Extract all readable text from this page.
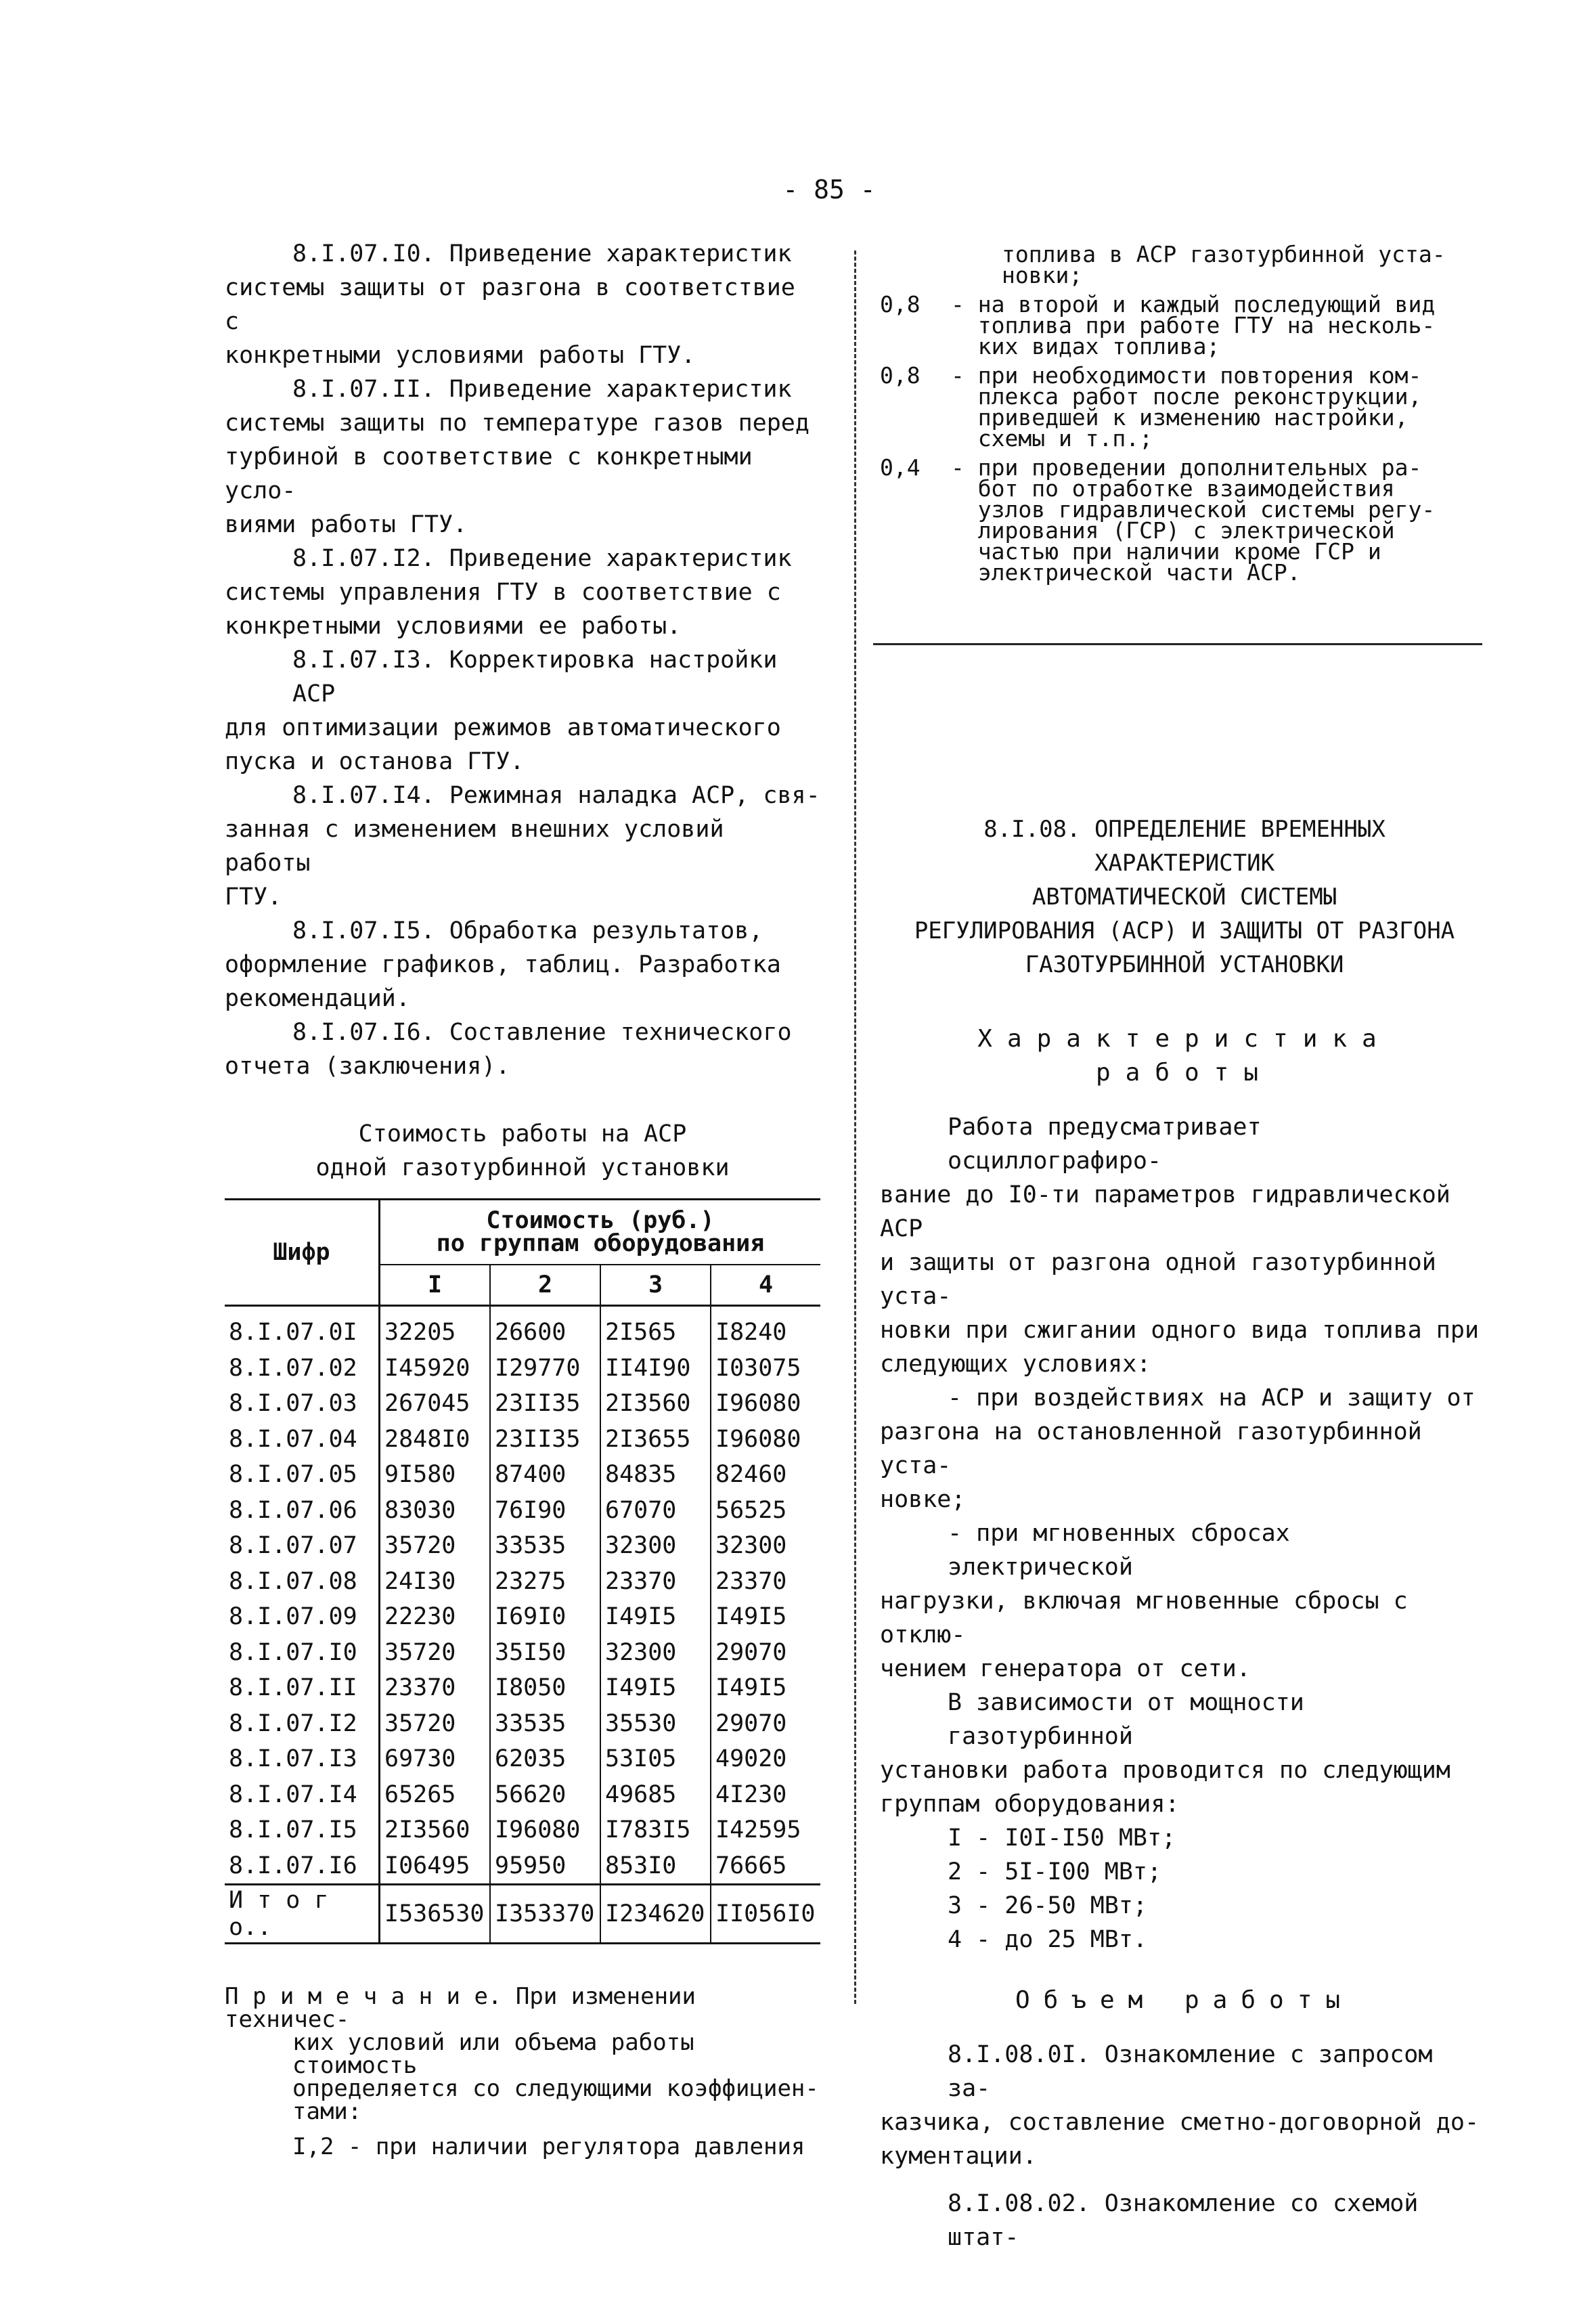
- 85 -
8.I.07.I0. Приведение характеристик
системы защиты от разгона в соответствие с
конкретными условиями работы ГТУ.
8.I.07.II. Приведение характеристик
системы защиты по температуре газов перед
турбиной в соответствие с конкретными усло-
виями работы ГТУ.
8.I.07.I2. Приведение характеристик
системы управления ГТУ в соответствие с
конкретными условиями ее работы.
8.I.07.I3. Корректировка настройки АСР
для оптимизации режимов автоматического
пуска и останова ГТУ.
8.I.07.I4. Режимная наладка АСР, свя-
занная с изменением внешних условий работы
ГТУ.
8.I.07.I5. Обработка результатов,
оформление графиков, таблиц. Разработка
рекомендаций.
8.I.07.I6. Составление технического
отчета (заключения).
Стоимость работы на АСР
одной газотурбинной установки
Шифр	Стоимость (руб.)
по группам оборудования			

	I	2	3	4
8.I.07.0I	32205	26600	2I565	I8240
8.I.07.02	I45920	I29770	II4I90	I03075
8.I.07.03	267045	23II35	2I3560	I96080
8.I.07.04	2848I0	23II35	2I3655	I96080
8.I.07.05	9I580	87400	84835	82460
8.I.07.06	83030	76I90	67070	56525
8.I.07.07	35720	33535	32300	32300
8.I.07.08	24I30	23275	23370	23370
8.I.07.09	22230	I69I0	I49I5	I49I5
8.I.07.I0	35720	35I50	32300	29070
8.I.07.II	23370	I8050	I49I5	I49I5
8.I.07.I2	35720	33535	35530	29070
8.I.07.I3	69730	62035	53I05	49020
8.I.07.I4	65265	56620	49685	4I230
8.I.07.I5	2I3560	I96080	I783I5	I42595
8.I.07.I6	I06495	95950	853I0	76665
И т о г о..	I536530	I353370	I234620	II056I0
П р и м е ч а н и е. При изменении техничес-
ких условий или объема работы стоимость
определяется со следующими коэффициен-
тами:
I,2 - при наличии регулятора давления
топлива в АСР газотурбинной уста-
новки;
0,8	- на второй и каждый последующий вид
топлива при работе ГТУ на несколь-
ких видах топлива;
0,8	- при необходимости повторения ком-
плекса работ после реконструкции,
приведшей к изменению настройки,
схемы и т.п.;
0,4	- при проведении дополнительных ра-
бот по отработке взаимодействия
узлов гидравлической системы регу-
лирования (ГСР) с электрической
частью при наличии кроме ГСР и
электрической части АСР.
8.I.08. ОПРЕДЕЛЕНИЕ ВРЕМЕННЫХ
ХАРАКТЕРИСТИК
АВТОМАТИЧЕСКОЙ СИСТЕМЫ
РЕГУЛИРОВАНИЯ (АСР) И ЗАЩИТЫ ОТ РАЗГОНА
ГАЗОТУРБИННОЙ УСТАНОВКИ
Характеристика
работы
Работа предусматривает осциллографиро-
вание до I0-ти параметров гидравлической АСР
и защиты от разгона одной газотурбинной уста-
новки при сжигании одного вида топлива при
следующих условиях:
- при воздействиях на АСР и защиту от
разгона на остановленной газотурбинной уста-
новке;
- при мгновенных сбросах электрической
нагрузки, включая мгновенные сбросы с отклю-
чением генератора от сети.
В зависимости от мощности газотурбинной
установки работа проводится по следующим
группам оборудования:
I - I0I-I50 МВт;
2 - 5I-I00 МВт;
3 - 26-50 МВт;
4 - до 25 МВт.
Объем работы
8.I.08.0I. Ознакомление с запросом за-
казчика, составление сметно-договорной до-
кументации.
8.I.08.02. Ознакомление со схемой штат-
